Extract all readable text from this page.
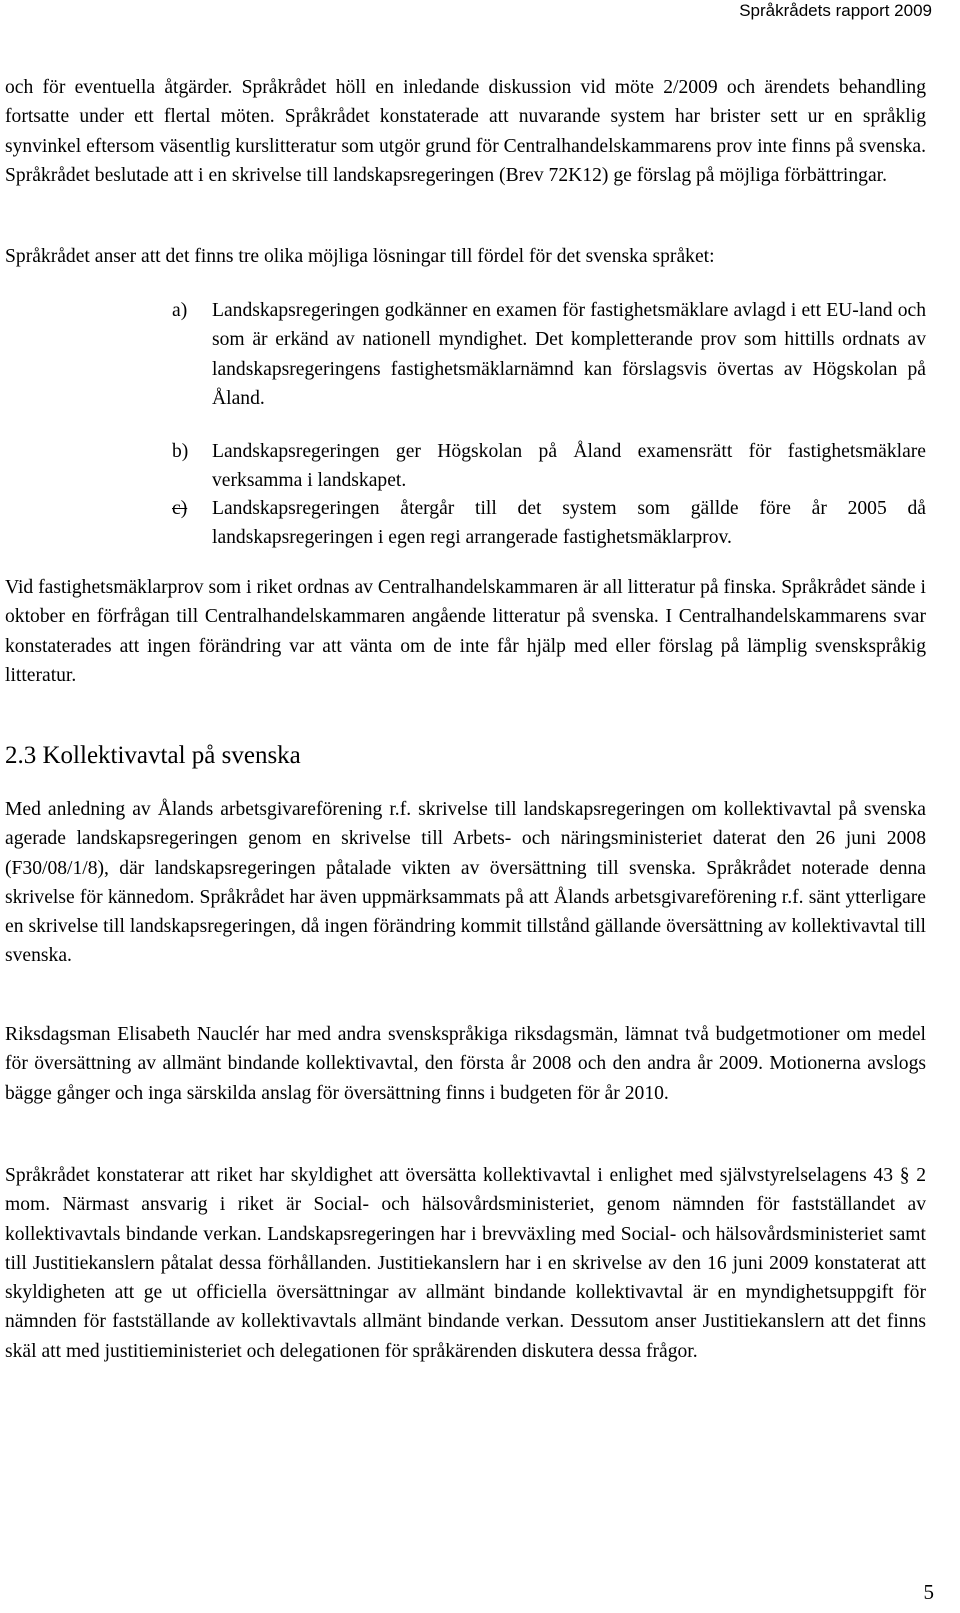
Språkrådets rapport 2009

och för eventuella åtgärder. Språkrådet höll en inledande diskussion vid möte 2/2009 och ärendets behandling fortsatte under ett flertal möten. Språkrådet konstaterade att nuvarande system har brister sett ur en språklig synvinkel eftersom väsentlig kurslitteratur som utgör grund för Centralhandelskammarens prov inte finns på svenska. Språkrådet beslutade att i en skrivelse till landskapsregeringen (Brev 72K12) ge förslag på möjliga förbättringar.

Språkrådet anser att det finns tre olika möjliga lösningar till fördel för det svenska språket:

a) Landskapsregeringen godkänner en examen för fastighetsmäklare avlagd i ett EU-land och som är erkänd av nationell myndighet. Det kompletterande prov som hittills ordnats av landskapsregeringens fastighetsmäklarnämnd kan förslagsvis övertas av Högskolan på Åland.
b) Landskapsregeringen ger Högskolan på Åland examensrätt för fastighetsmäklare verksamma i landskapet.
c) Landskapsregeringen återgår till det system som gällde före år 2005 då landskapsregeringen i egen regi arrangerade fastighetsmäklarprov.

Vid fastighetsmäklarprov som i riket ordnas av Centralhandelskammaren är all litteratur på finska. Språkrådet sände i oktober en förfrågan till Centralhandelskammaren angående litteratur på svenska. I Centralhandelskammarens svar konstaterades att ingen förändring var att vänta om de inte får hjälp med eller förslag på lämplig svenskspråkig litteratur.

2.3 Kollektivavtal på svenska

Med anledning av Ålands arbetsgivareförening r.f. skrivelse till landskapsregeringen om kollektivavtal på svenska agerade landskapsregeringen genom en skrivelse till Arbets- och näringsministeriet daterat den 26 juni 2008 (F30/08/1/8), där landskapsregeringen påtalade vikten av översättning till svenska. Språkrådet noterade denna skrivelse för kännedom. Språkrådet har även uppmärksammats på att Ålands arbetsgivareförening r.f. sänt ytterligare en skrivelse till landskapsregeringen, då ingen förändring kommit tillstånd gällande översättning av kollektivavtal till svenska.

Riksdagsman Elisabeth Nauclér har med andra svenskspråkiga riksdagsmän, lämnat två budgetmotioner om medel för översättning av allmänt bindande kollektivavtal, den första år 2008 och den andra år 2009. Motionerna avslogs bägge gånger och inga särskilda anslag för översättning finns i budgeten för år 2010.

Språkrådet konstaterar att riket har skyldighet att översätta kollektivavtal i enlighet med självstyrelselagens 43 § 2 mom. Närmast ansvarig i riket är Social- och hälsovårdsministeriet, genom nämnden för fastställandet av kollektivavtals bindande verkan. Landskapsregeringen har i brevväxling med Social- och hälsovårdsministeriet samt till Justitiekanslern påtalat dessa förhållanden. Justitiekanslern har i en skrivelse av den 16 juni 2009 konstaterat att skyldigheten att ge ut officiella översättningar av allmänt bindande kollektivavtal är en myndighetsuppgift för nämnden för fastställande av kollektivavtals allmänt bindande verkan. Dessutom anser Justitiekanslern att det finns skäl att med justitieministeriet och delegationen för språkärenden diskutera dessa frågor.

5
